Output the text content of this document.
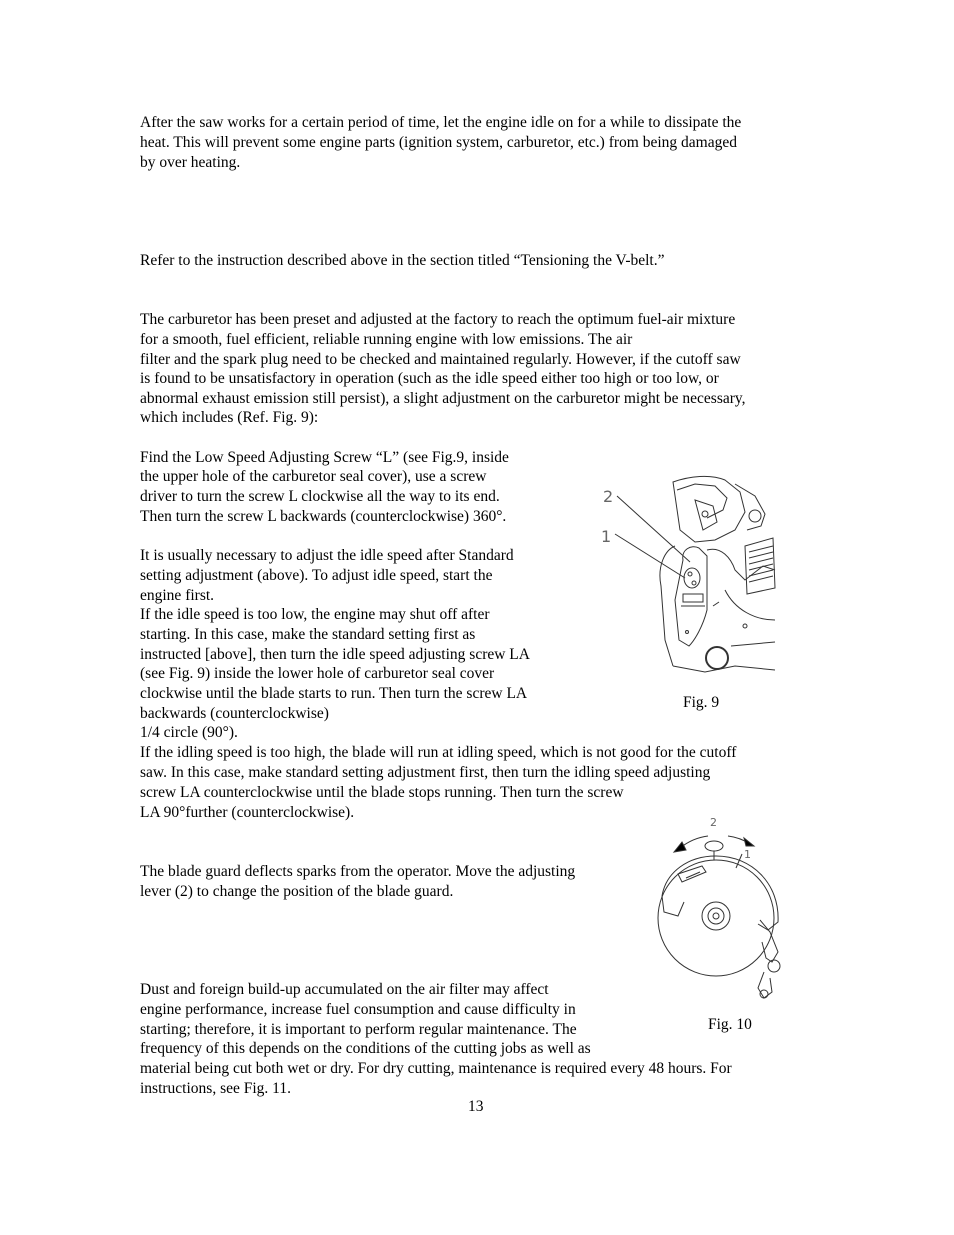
After the saw works for a certain period of time, let the engine idle on for a while to dissipate the
heat. This will prevent some engine parts (ignition system, carburetor, etc.) from being damaged
by over heating.
Refer to the instruction described above in the section titled “Tensioning the V-belt.”
The carburetor has been preset and adjusted at the factory to reach the optimum fuel-air mixture
for a smooth, fuel efficient, reliable running engine with low emissions. The air
filter and the spark plug need to be checked and maintained regularly. However, if the cutoff saw
is found to be unsatisfactory in operation (such as the idle speed either too high or too low, or
abnormal exhaust emission still persist), a slight adjustment on the carburetor might be necessary,
which includes (Ref. Fig. 9):
Find the Low Speed Adjusting Screw “L” (see Fig.9, inside
the upper hole of the carburetor seal cover), use a screw
driver to turn the screw L clockwise all the way to its end.
Then turn the screw L backwards (counterclockwise) 360°.
It is usually necessary to adjust the idle speed after Standard
setting adjustment (above). To adjust idle speed, start the
engine first.
If the idle speed is too low, the engine may shut off after
starting. In this case, make the standard setting first as
instructed [above], then turn the idle speed adjusting screw LA
(see Fig. 9) inside the lower hole of carburetor seal cover
clockwise until the blade starts to run. Then turn the screw LA
backwards (counterclockwise)
1/4 circle (90°).
If the idling speed is too high, the blade will run at idling speed, which is not good for the cutoff
saw. In this case, make standard setting adjustment first, then turn the idling speed adjusting
screw LA counterclockwise until the blade stops running. Then turn the screw
LA 90°further (counterclockwise).
The blade guard deflects sparks from the operator. Move the adjusting
lever (2) to change the position of the blade guard.
Dust and foreign build-up accumulated on the air filter may affect
engine performance, increase fuel consumption and cause difficulty in
starting; therefore, it is important to perform regular maintenance. The
frequency of this depends on the conditions of the cutting jobs as well as
material being cut both wet or dry. For dry cutting, maintenance is required every 48 hours. For
instructions, see Fig. 11.
2
1
Fig. 9
2
1
Fig. 10
13
